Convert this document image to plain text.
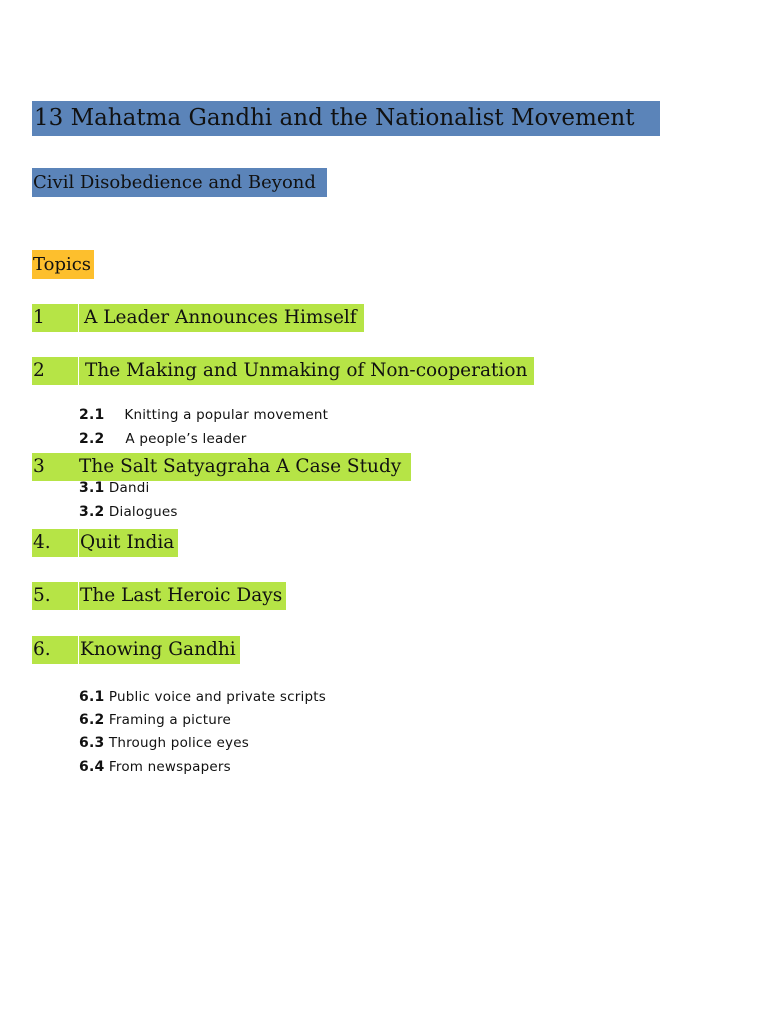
13 Mahatma Gandhi and the Nationalist Movement
Civil Disobedience and Beyond
Topics
1	A Leader Announces Himself
2	The Making and Unmaking of Non-cooperation
2.1 Knitting a popular movement
2.2 A people’s leader
3	The Salt Satyagraha A Case Study
3.1 Dandi
3.2 Dialogues
4.	Quit India
5.	The Last Heroic Days
6.	Knowing Gandhi
6.1 Public voice and private scripts
6.2 Framing a picture
6.3 Through police eyes
6.4 From newspapers
